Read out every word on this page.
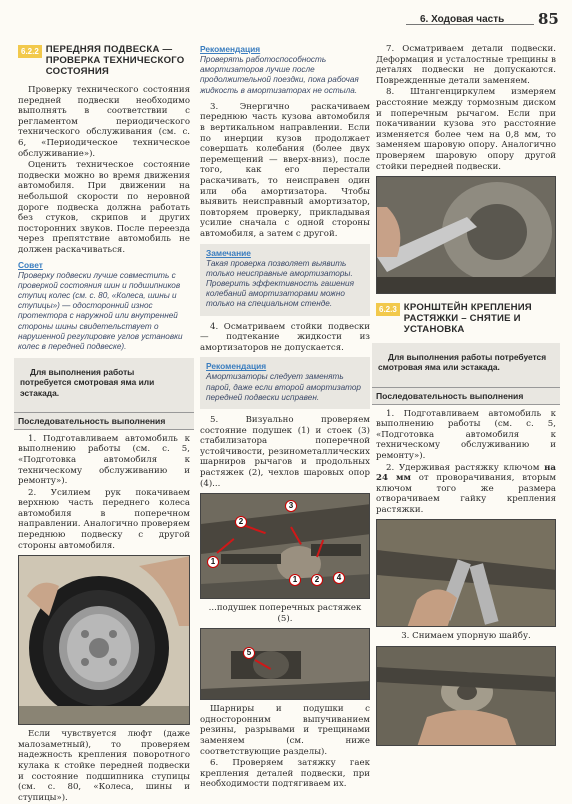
6. Ходовая часть 85
6.2.2 ПЕРЕДНЯЯ ПОДВЕСКА — ПРОВЕРКА ТЕХНИЧЕСКОГО СОСТОЯНИЯ

Проверку технического состояния передней подвески необходимо выполнять в соответствии с регламентом периодического технического обслуживания (см. с. 6, «Периодическое техническое обслуживание»).

Оценить техническое состояние подвески можно во время движения автомобиля. При движении на небольшой скорости по неровной дороге подвеска должна работать без стуков, скрипов и других посторонних звуков. После переезда через препятствие автомобиль не должен раскачиваться.

Совет
Проверку подвески лучше совместить с проверкой состояния шин и подшипников ступиц колес (см. с. 80, «Колеса, шины и ступицы») — одосторонний износ протектора с наружной или внутренней стороны шины свидетельствует о нарушенной регулировке углов установки колес в передней подвеске).
Для выполнения работы потребуется смотровая яма или эстакада.
Последовательность выполнения

1. Подготавливаем автомобиль к выполнению работы (см. с. 5, «Подготовка автомобиля к техническому обслуживанию и ремонту»).

2. Усилием рук покачиваем верхнюю часть переднего колеса автомобиля в поперечном направлении. Аналогично проверяем переднюю подвеску с другой стороны автомобиля.

Если чувствуется люфт (даже малозаметный), то проверяем надежность крепления поворотного кулака к стойке передней подвески и состояние подшипника ступицы (см. с. 80, «Колеса, шины и ступицы»).

Рекомендация
Проверять работоспособность амортизаторов лучше после продолжительной поездки, пока рабочая жидкость в амортизаторах не остыла.

3. Энергично раскачиваем переднюю часть кузова автомобиля в вертикальном направлении. Если по инерции кузов продолжает совершать колебания (более двух перемещений — вверх-вниз), после того, как его перестали раскачивать, то неисправен один или оба амортизатора. Чтобы выявить неисправный амортизатор, повторяем проверку, прикладывая усилие сначала с одной стороны автомобиля, а затем с другой.

Замечание
Такая проверка позволяет выявить только неисправные амортизаторы. Проверить эффективность гашения колебаний амортизаторами можно только на специальном стенде.

4. Осматриваем стойки подвески — подтекание жидкости из амортизаторов не допускается.

Рекомендация
Амортизаторы следует заменять парой, даже если второй амортизатор передней подвески исправен.

5. Визуально проверяем состояние подушек (1) и стоек (3) стабилизатора поперечной устойчивости, резинометаллических шарниров рычагов и продольных растяжек (2), чехлов шаровых опор (4)...

1
2
3
2	4
1
...подушек поперечных растяжек (5).
5

Шарниры и подушки с односторонним выпучиванием резины, разрывами и трещинами заменяем (см. ниже соответствующие разделы).

6. Проверяем затяжку гаек крепления деталей подвески, при необходимости подтягиваем их.

7. Осматриваем детали подвески. Деформация и усталостные трещины в деталях подвески не допускаются. Поврежденные детали заменяем.

8. Штангенциркулем измеряем расстояние между тормозным диском и поперечным рычагом. Если при покачивании кузова это расстояние изменяется более чем на 0,8 мм, то заменяем шаровую опору. Аналогично проверяем шаровую опору другой стойки передней подвески.

6.2.3 КРОНШТЕЙН КРЕПЛЕНИЯ РАСТЯЖКИ – СНЯТИЕ И УСТАНОВКА
Для выполнения работы потребуется смотровая яма или эстакада.
Последовательность выполнения

1. Подготавливаем автомобиль к выполнению работы (см. с. 5, «Подготовка автомобиля к техническому обслуживанию и ремонту»).

2. Удерживая растяжку ключом на 24 мм от проворачивания, вторым ключом того же размера отворачиваем гайку крепления растяжки.

3. Снимаем упорную шайбу.
